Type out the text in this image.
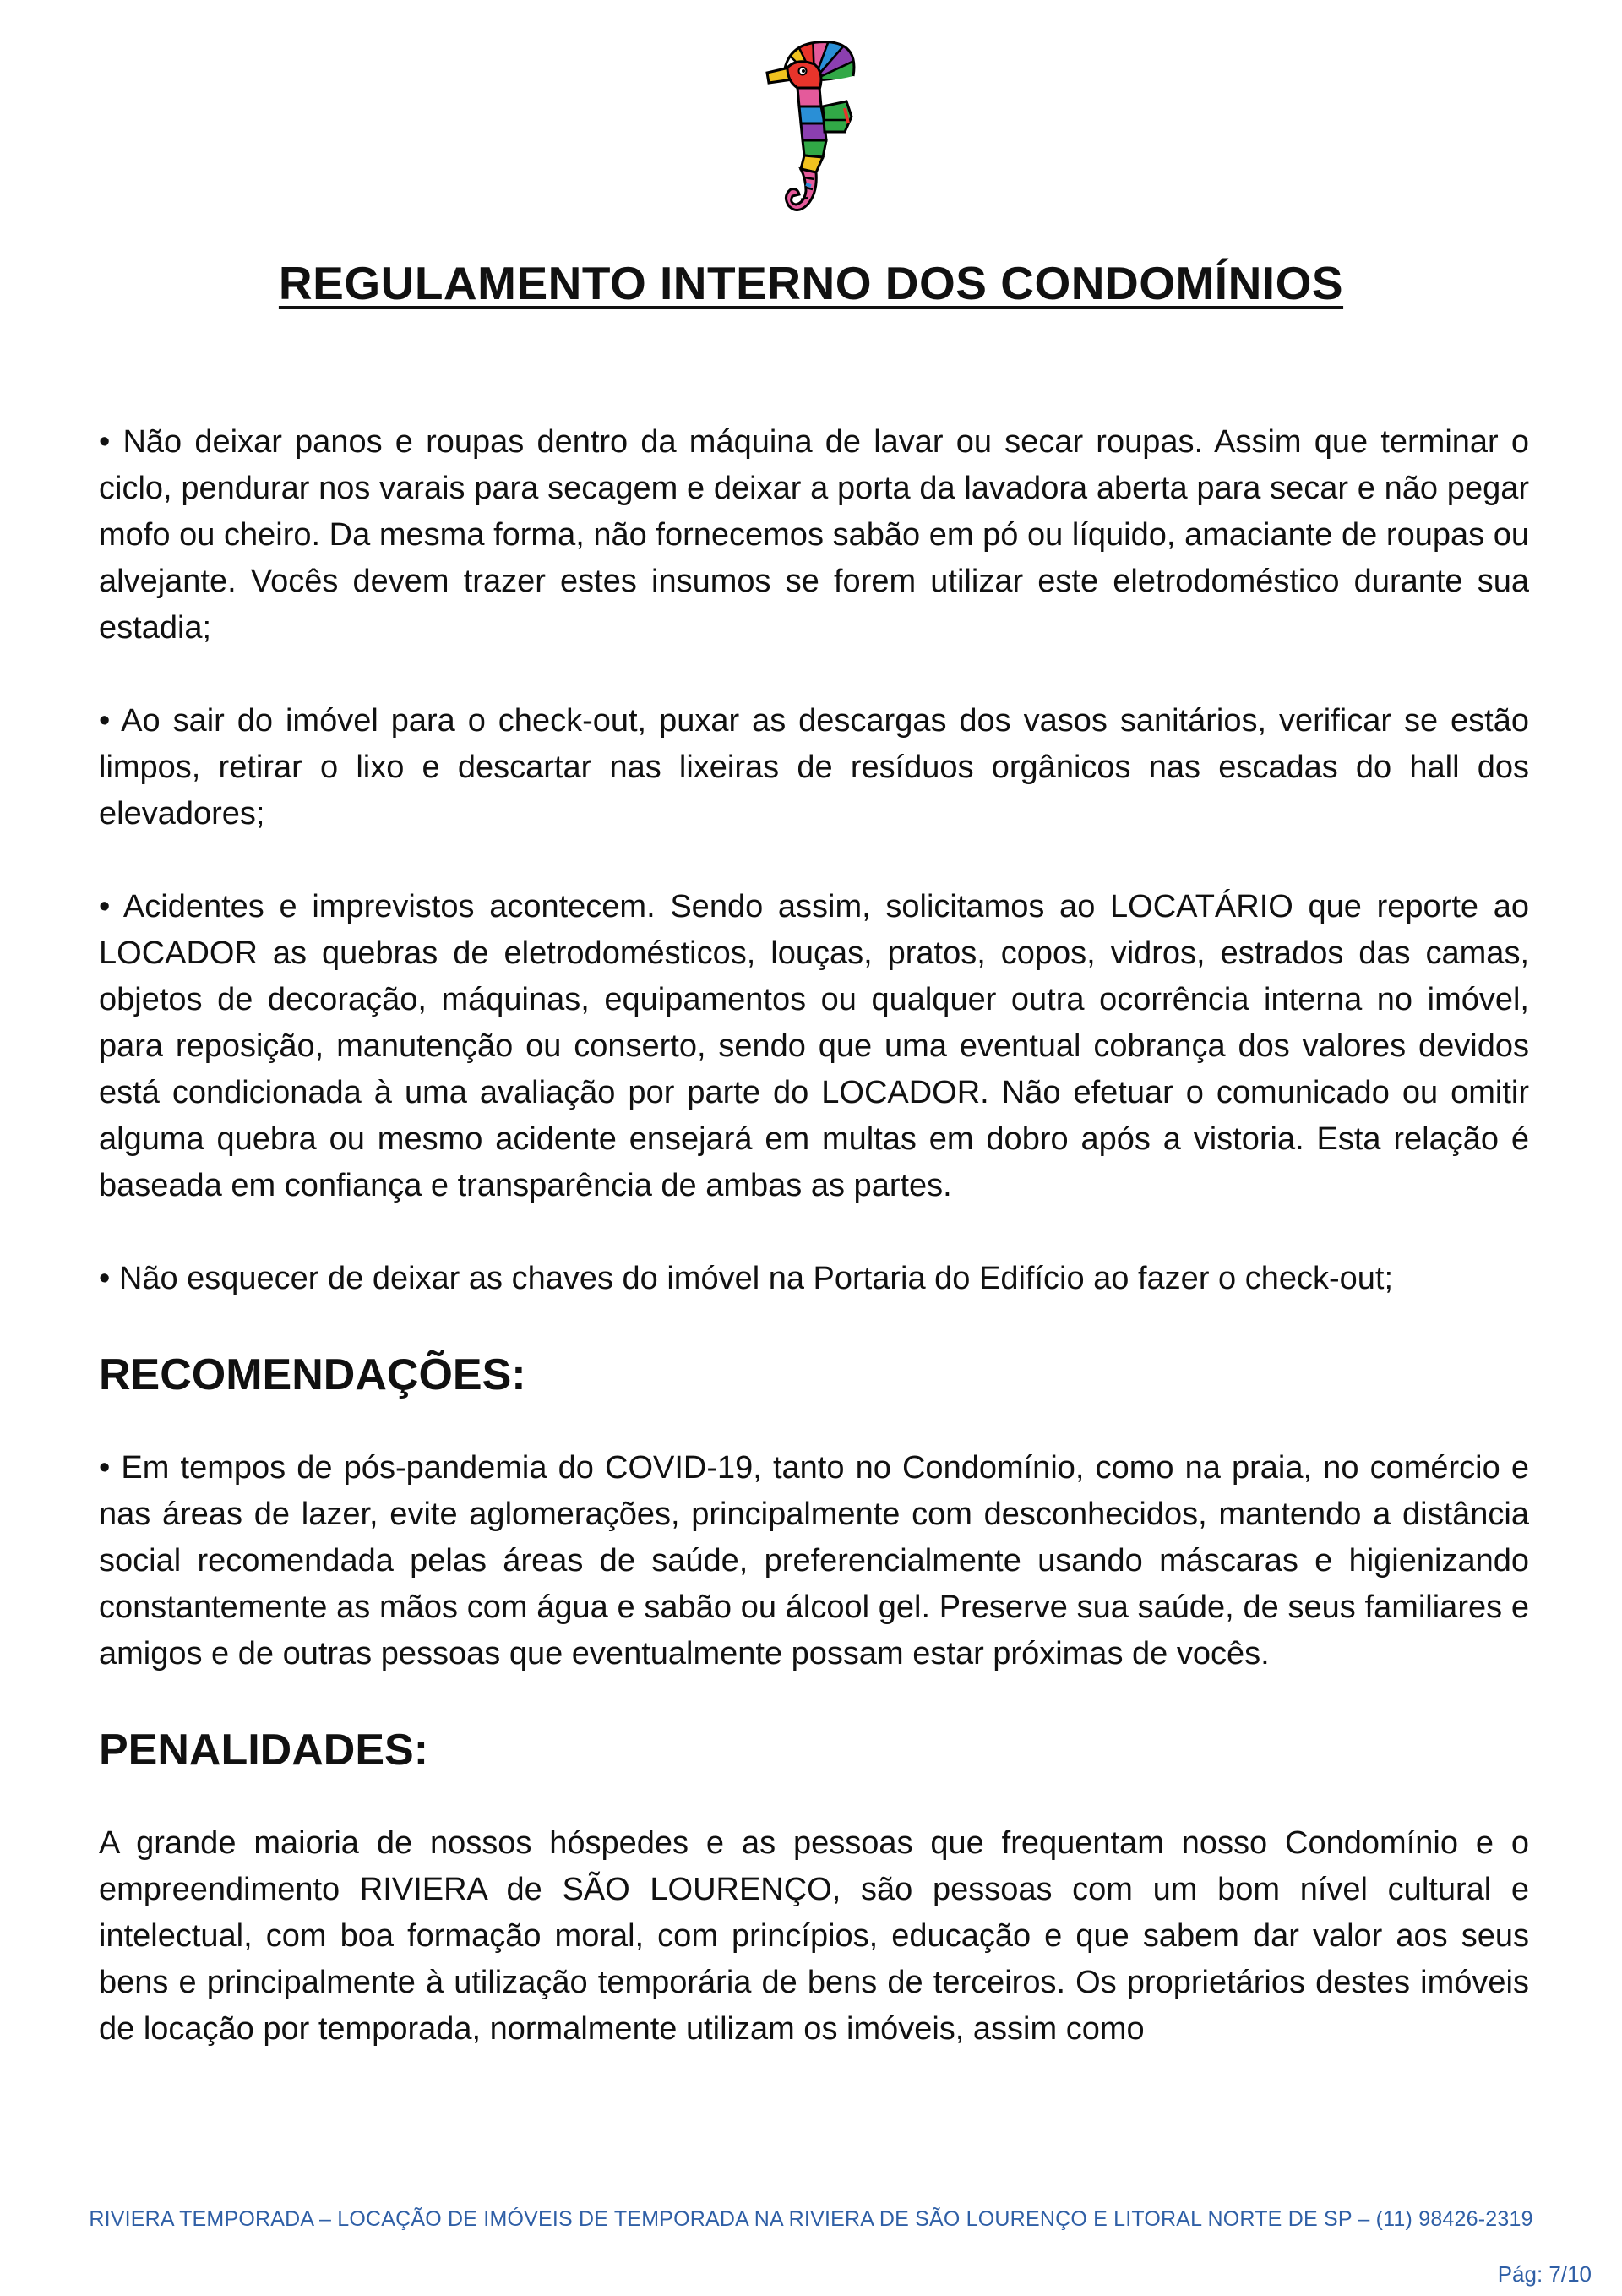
REGULAMENTO INTERNO DOS CONDOMÍNIOS

• Não deixar panos e roupas dentro da máquina de lavar ou secar roupas. Assim que terminar o ciclo, pendurar nos varais para secagem e deixar a porta da lavadora aberta para secar e não pegar mofo ou cheiro. Da mesma forma, não fornecemos sabão em pó ou líquido, amaciante de roupas ou alvejante. Vocês devem trazer estes insumos se forem utilizar este eletrodoméstico durante sua estadia;

• Ao sair do imóvel para o check-out, puxar as descargas dos vasos sanitários, verificar se estão limpos, retirar o lixo e descartar nas lixeiras de resíduos orgânicos nas escadas do hall dos elevadores;

• Acidentes e imprevistos acontecem. Sendo assim, solicitamos ao LOCATÁRIO que reporte ao LOCADOR as quebras de eletrodomésticos, louças, pratos, copos, vidros, estrados das camas, objetos de decoração, máquinas, equipamentos ou qualquer outra ocorrência interna no imóvel, para reposição, manutenção ou conserto, sendo que uma eventual cobrança dos valores devidos está condicionada à uma avaliação por parte do LOCADOR. Não efetuar o comunicado ou omitir alguma quebra ou mesmo acidente ensejará em multas em dobro após a vistoria. Esta relação é baseada em confiança e transparência de ambas as partes.

• Não esquecer de deixar as chaves do imóvel na Portaria do Edifício ao fazer o check-out;

RECOMENDAÇÕES:

• Em tempos de pós-pandemia do COVID-19, tanto no Condomínio, como na praia, no comércio e nas áreas de lazer, evite aglomerações, principalmente com desconhecidos, mantendo a distância social recomendada pelas áreas de saúde, preferencialmente usando máscaras e higienizando constantemente as mãos com água e sabão ou álcool gel. Preserve sua saúde, de seus familiares e amigos e de outras pessoas que eventualmente possam estar próximas de vocês.

PENALIDADES:

A grande maioria de nossos hóspedes e as pessoas que frequentam nosso Condomínio e o empreendimento RIVIERA de SÃO LOURENÇO, são pessoas com um bom nível cultural e intelectual, com boa formação moral, com princípios, educação e que sabem dar valor aos seus bens e principalmente à utilização temporária de bens de terceiros. Os proprietários destes imóveis de locação por temporada, normalmente utilizam os imóveis, assim como

RIVIERA TEMPORADA – LOCAÇÃO DE IMÓVEIS DE TEMPORADA NA RIVIERA DE SÃO LOURENÇO E LITORAL NORTE DE SP – (11) 98426-2319
Pág: 7/10
